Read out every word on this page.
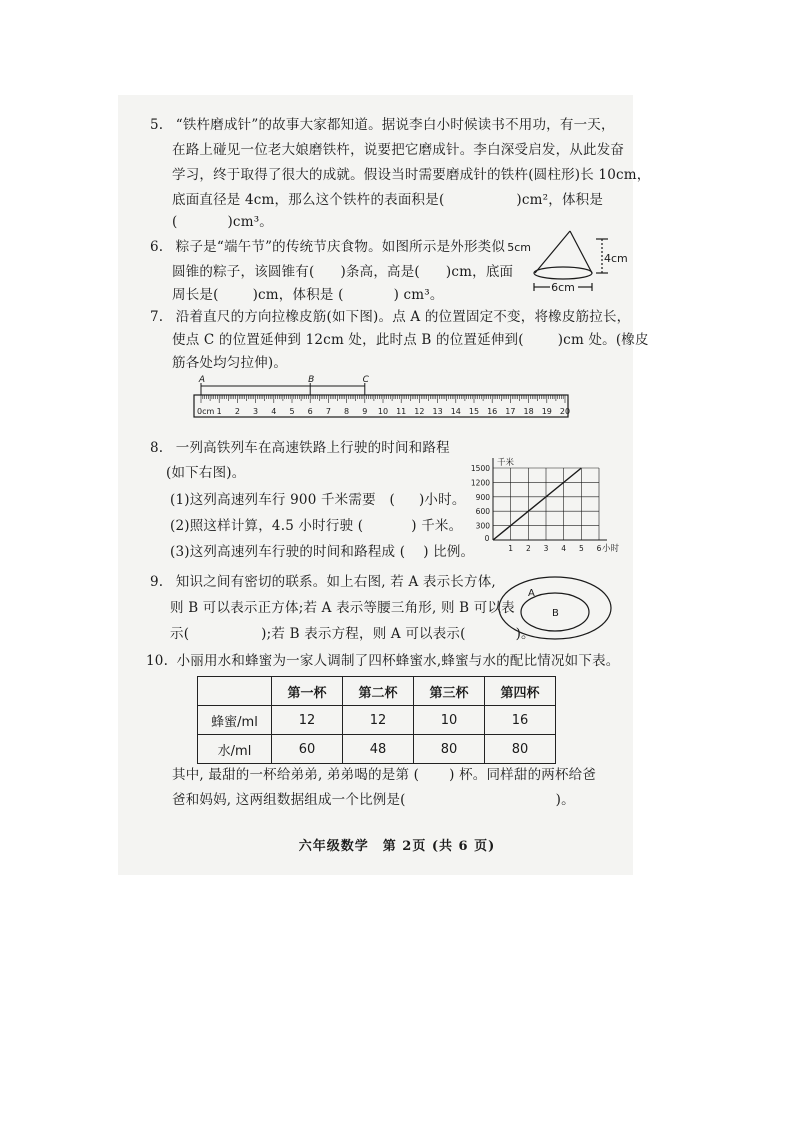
5. “铁杵磨成针”的故事大家都知道。据说李白小时候读书不用功，有一天，
在路上碰见一位老大娘磨铁杵，说要把它磨成针。李白深受启发，从此发奋
学习，终于取得了很大的成就。假设当时需要磨成针的铁杵(圆柱形)长 10cm，
底面直径是 4cm，那么这个铁杵的表面积是(	)cm²，体积是
(	)cm³。
6. 粽子是“端午节”的传统节庆食物。如图所示是外形类似
圆锥的粽子，该圆锥有( )条高，高是( )cm，底面
周长是(	)cm，体积是 (	) cm³。
5cm
4cm
6cm
7. 沿着直尺的方向拉橡皮筋(如下图)。点 A 的位置固定不变，将橡皮筋拉长，
使点 C 的位置延伸到 12cm 处，此时点 B 的位置延伸到(	)cm 处。(橡皮
筋各处均匀拉伸)。
0cm 1 2 3 4 5 6 7 8 9 10 11 12 13 14 15 16 17 18 19 20
A	B	C
8. 一列高铁列车在高速铁路上行驶的时间和路程
(如下右图)。
(1)这列高速列车行 900 千米需要　( )小时。
(2)照这样计算，4.5 小时行驶 (	) 千米。
(3)这列高速列车行驶的时间和路程成 ( ) 比例。
300
600
900
1200
1500
0
1 2 3 4 5 6
千米
小时
9. 知识之间有密切的联系。如上右图, 若 A 表示长方体,
则 B 可以表示正方体;若 A 表示等腰三角形, 则 B 可以表
示(	);若 B 表示方程，则 A 可以表示(	)。
A
B
10. 小丽用水和蜂蜜为一家人调制了四杯蜂蜜水,蜂蜜与水的配比情况如下表。
	第一杯	第二杯	第三杯	第四杯
蜂蜜/ml	12	12	10	16
水/ml	60	48	80	80
其中, 最甜的一杯给弟弟, 弟弟喝的是第 ( ) 杯。同样甜的两杯给爸
爸和妈妈, 这两组数据组成一个比例是(	)。
六年级数学　第 2页 (共 6 页)
